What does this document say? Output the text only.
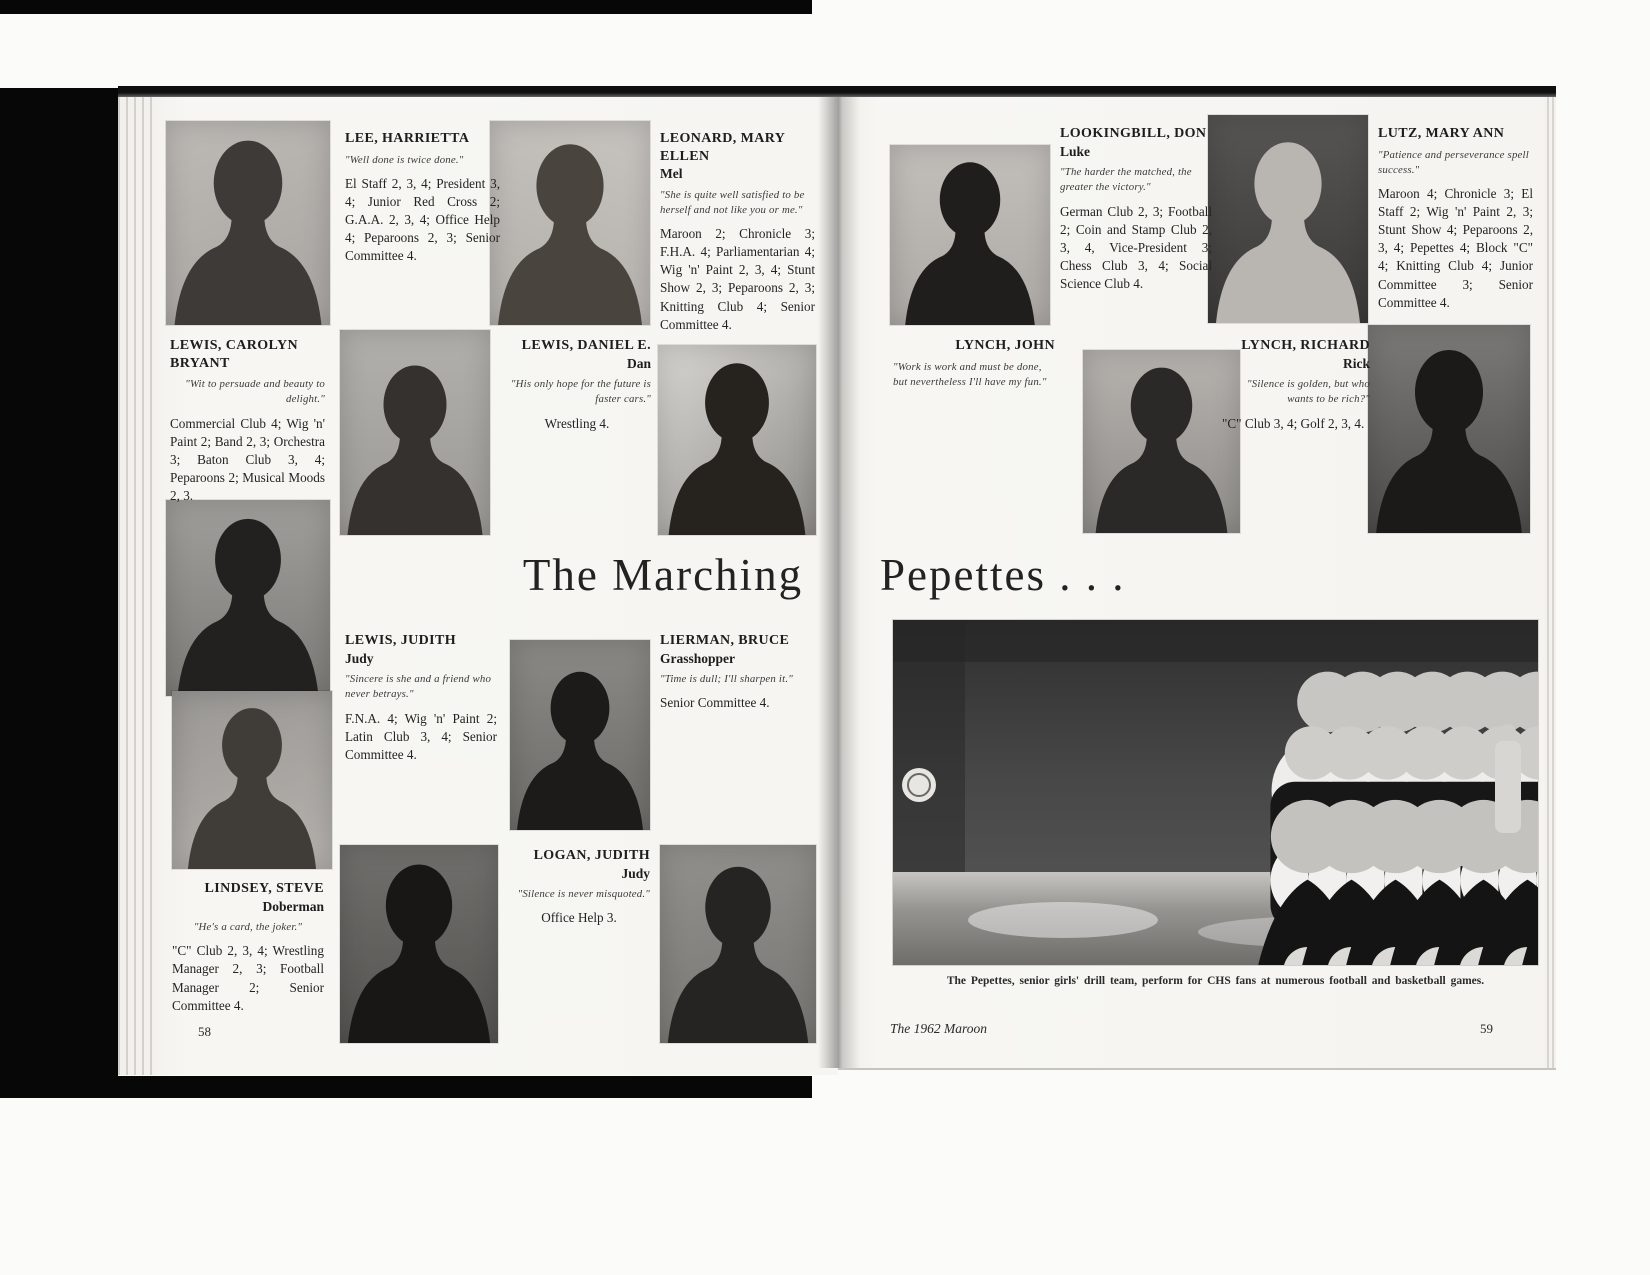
LEE, HARRIETTA
"Well done is twice done."
El Staff 2, 3, 4; President 3, 4; Junior Red Cross 2; G.A.A. 2, 3, 4; Office Help 4; Peparoons 2, 3; Senior Committee 4.
LEONARD, MARY ELLEN
Mel
"She is quite well satisfied to be herself and not like you or me."
Maroon 2; Chronicle 3; F.H.A. 4; Parliamentarian 4; Wig 'n' Paint 2, 3, 4; Stunt Show 2, 3; Peparoons 2, 3; Knitting Club 4; Senior Committee 4.
LEWIS, CAROLYN BRYANT
"Wit to persuade and beauty to delight."
Commercial Club 4; Wig 'n' Paint 2; Band 2, 3; Orchestra 3; Baton Club 3, 4; Peparoons 2; Musical Moods 2, 3.
LEWIS, DANIEL E.
Dan
"His only hope for the future is faster cars."
Wrestling 4.
LEWIS, JUDITH
Judy
"Sincere is she and a friend who never betrays."
F.N.A. 4; Wig 'n' Paint 2; Latin Club 3, 4; Senior Committee 4.
LIERMAN, BRUCE
Grasshopper
"Time is dull; I'll sharpen it."
Senior Committee 4.
LINDSEY, STEVE
Doberman
"He's a card, the joker."
"C" Club 2, 3, 4; Wrestling Manager 2, 3; Football Manager 2; Senior Committee 4.
LOGAN, JUDITH
Judy
"Silence is never misquoted."
Office Help 3.
The Marching
58
LOOKINGBILL, DON
Luke
"The harder the matched, the greater the victory."
German Club 2, 3; Football 2; Coin and Stamp Club 2, 3, 4, Vice-President 3; Chess Club 3, 4; Social Science Club 4.
LUTZ, MARY ANN
"Patience and perseverance spell success."
Maroon 4; Chronicle 3; El Staff 2; Wig 'n' Paint 2, 3; Stunt Show 4; Peparoons 2, 3, 4; Pepettes 4; Block "C" 4; Knitting Club 4; Junior Committee 3; Senior Committee 4.
LYNCH, JOHN
"Work is work and must be done, but nevertheless I'll have my fun."
LYNCH, RICHARD
Rick
"Silence is golden, but who wants to be rich?"
"C" Club 3, 4; Golf 2, 3, 4.
Pepettes . . .
The Pepettes, senior girls' drill team, perform for CHS fans at numerous football and basketball games.
The 1962 Maroon	59
